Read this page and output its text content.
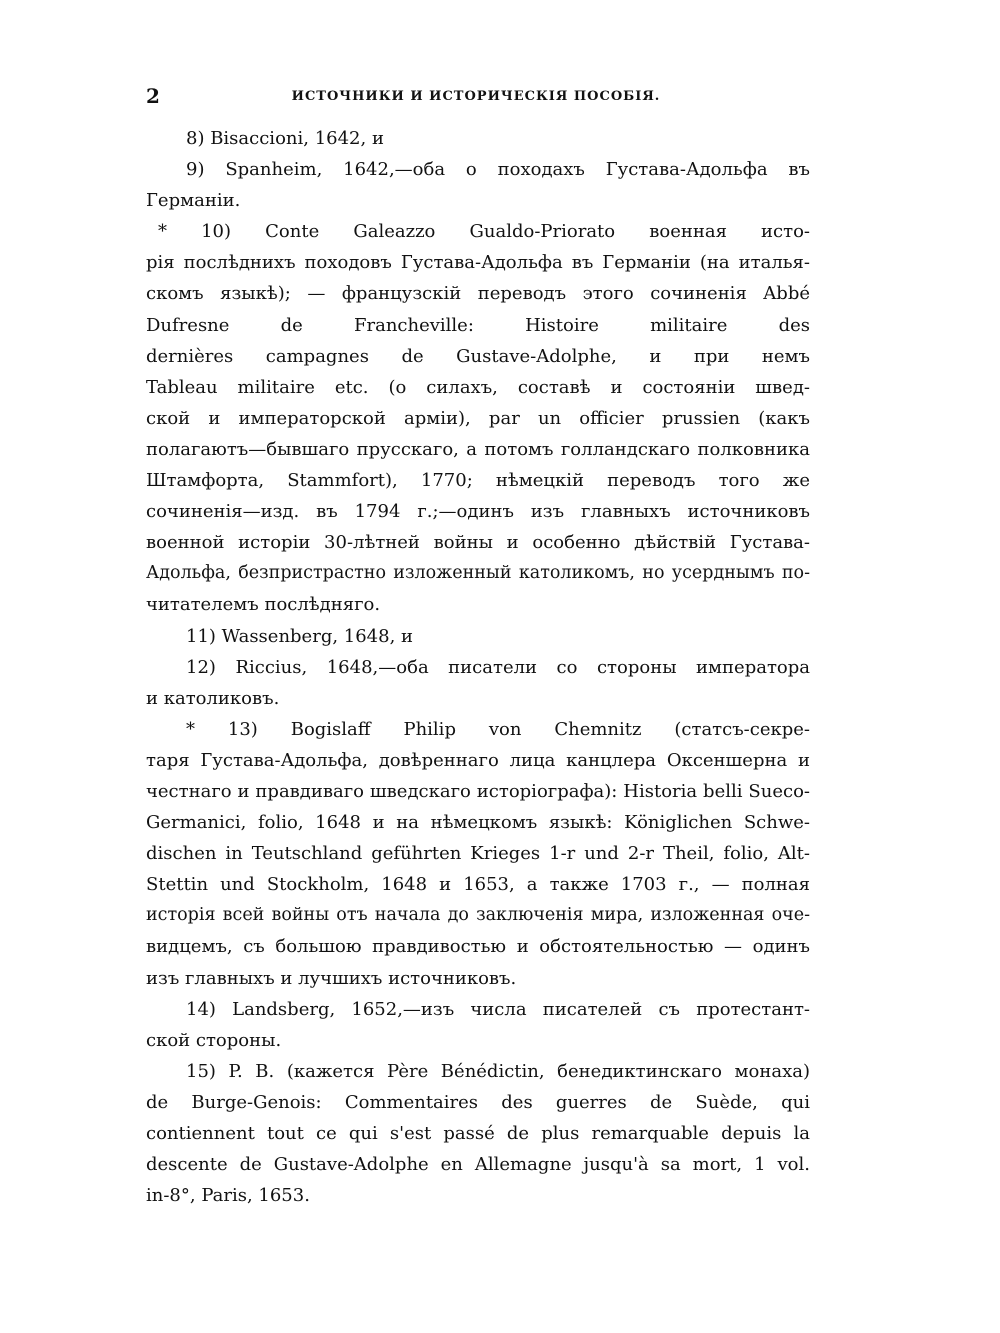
2	ИСТОЧНИКИ И ИСТОРИЧЕСКІЯ ПОСОБІЯ.
8) Bisaccioni, 1642, и
9) Spanheim, 1642,—оба о походахъ Густава-Адольфа въ
Германіи.
* 10) Conte Galeazzo Gualdo-Priorato военная исто-
рія послѣднихъ походовъ Густава-Адольфа въ Германіи (на италья-
скомъ языкѣ); — французскій переводъ этого сочиненія Abbé
Dufresne de Francheville: Histoire militaire des
dernières campagnes de Gustave-Adolphe, и при немъ
Tableau militaire etc. (о силахъ, составѣ и состояніи швед-
ской и императорской арміи), par un officier prussien (какъ
полагаютъ—бывшаго прусскаго, а потомъ голландскаго полковника
Штамфорта, Stammfort), 1770; нѣмецкій переводъ того же
сочиненія—изд. въ 1794 г.;—одинъ изъ главныхъ источниковъ
военной исторіи 30-лѣтней войны и особенно дѣйствій Густава-
Адольфа, безпристрастно изложенный католикомъ, но усерднымъ по-
читателемъ послѣдняго.
11) Wassenberg, 1648, и
12) Riccius, 1648,—оба писатели со стороны императора
и католиковъ.
* 13) Bogislaff Philip von Chemnitz (статсъ-секре-
таря Густава-Адольфа, довѣреннаго лица канцлера Оксеншерна и
честнаго и правдиваго шведскаго исторіографа): Historia belli Sueco-
Germanici, folio, 1648 и на нѣмецкомъ языкѣ: Königlichen Schwe-
dischen in Teutschland geführten Krieges 1-r und 2-r Theil, folio, Alt-
Stettin und Stockholm, 1648 и 1653, а также 1703 г., — полная
исторія всей войны отъ начала до заключенія мира, изложенная оче-
видцемъ, съ большою правдивостью и обстоятельностью — одинъ
изъ главныхъ и лучшихъ источниковъ.
14) Landsberg, 1652,—изъ числа писателей съ протестант-
ской стороны.
15) P. B. (кажется Père Bénédictin, бенедиктинскаго монаха)
de Burge-Genois: Commentaires des guerres de Suède, qui
contiennent tout ce qui s'est passé de plus remarquable depuis la
descente de Gustave-Adolphe en Allemagne jusqu'à sa mort, 1 vol.
in-8°, Paris, 1653.
